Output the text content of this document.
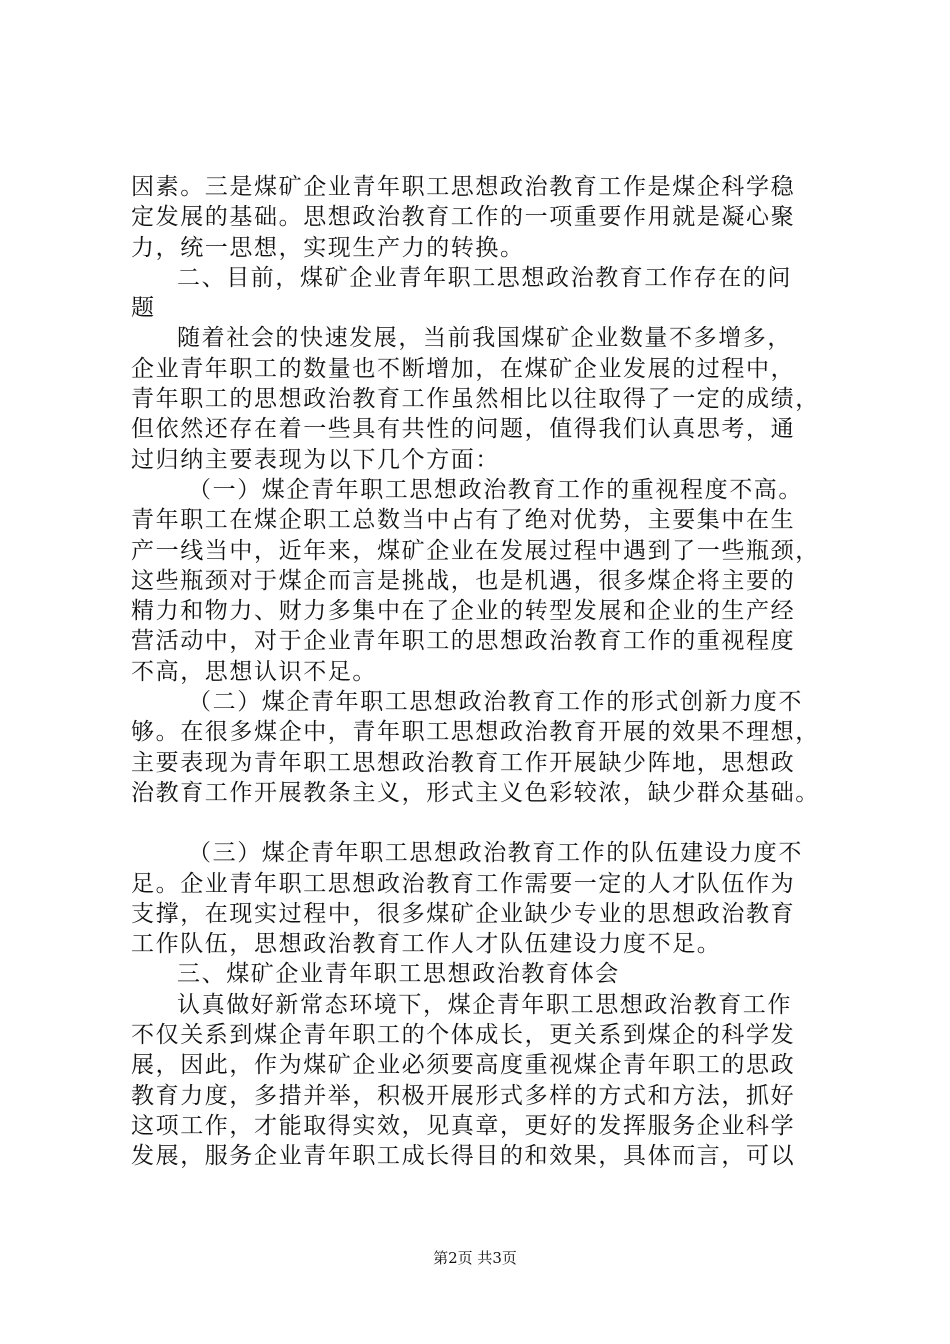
因素。三是煤矿企业青年职工思想政治教育工作是煤企科学稳
定发展的基础。思想政治教育工作的一项重要作用就是凝心聚
力，统一思想，实现生产力的转换。
二、目前，煤矿企业青年职工思想政治教育工作存在的问
题
随着社会的快速发展，当前我国煤矿企业数量不多增多，
企业青年职工的数量也不断增加，在煤矿企业发展的过程中，
青年职工的思想政治教育工作虽然相比以往取得了一定的成绩，
但依然还存在着一些具有共性的问题，值得我们认真思考，通
过归纳主要表现为以下几个方面：
（一）煤企青年职工思想政治教育工作的重视程度不高。
青年职工在煤企职工总数当中占有了绝对优势，主要集中在生
产一线当中，近年来，煤矿企业在发展过程中遇到了一些瓶颈，
这些瓶颈对于煤企而言是挑战，也是机遇，很多煤企将主要的
精力和物力、财力多集中在了企业的转型发展和企业的生产经
营活动中，对于企业青年职工的思想政治教育工作的重视程度
不高，思想认识不足。
（二）煤企青年职工思想政治教育工作的形式创新力度不
够。在很多煤企中，青年职工思想政治教育开展的效果不理想，
主要表现为青年职工思想政治教育工作开展缺少阵地，思想政
治教育工作开展教条主义，形式主义色彩较浓，缺少群众基础。
（三）煤企青年职工思想政治教育工作的队伍建设力度不
足。企业青年职工思想政治教育工作需要一定的人才队伍作为
支撑，在现实过程中，很多煤矿企业缺少专业的思想政治教育
工作队伍，思想政治教育工作人才队伍建设力度不足。
三、煤矿企业青年职工思想政治教育体会
认真做好新常态环境下，煤企青年职工思想政治教育工作
不仅关系到煤企青年职工的个体成长，更关系到煤企的科学发
展，因此，作为煤矿企业必须要高度重视煤企青年职工的思政
教育力度，多措并举，积极开展形式多样的方式和方法，抓好
这项工作，才能取得实效，见真章，更好的发挥服务企业科学
发展，服务企业青年职工成长得目的和效果，具体而言，可以
第2页 共3页
